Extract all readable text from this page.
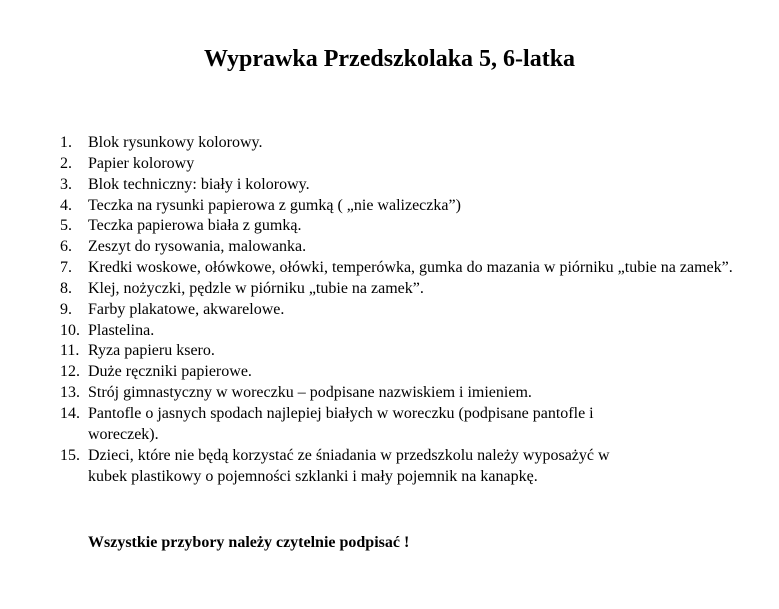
Wyprawka Przedszkolaka 5, 6-latka
1.	Blok rysunkowy kolorowy.
2.	Papier kolorowy
3.	Blok techniczny: biały i kolorowy.
4.	Teczka na rysunki papierowa z gumką ( „nie walizeczka”)
5.	Teczka papierowa biała z gumką.
6.	Zeszyt do rysowania, malowanka.
7.	Kredki woskowe, ołówkowe, ołówki, temperówka, gumka do mazania w piórniku „tubie na zamek”.
8.	Klej, nożyczki, pędzle w piórniku „tubie na zamek”.
9.	Farby plakatowe, akwarelowe.
10. Plastelina.
11. Ryza papieru ksero.
12. Duże ręczniki papierowe.
13. Strój gimnastyczny w woreczku – podpisane nazwiskiem i imieniem.
14. Pantofle o jasnych spodach najlepiej białych w woreczku (podpisane pantofle i woreczek).
15. Dzieci, które nie będą korzystać ze śniadania w przedszkolu należy wyposażyć w kubek plastikowy o pojemności szklanki i mały pojemnik na kanapkę.

Wszystkie przybory należy czytelnie podpisać !
